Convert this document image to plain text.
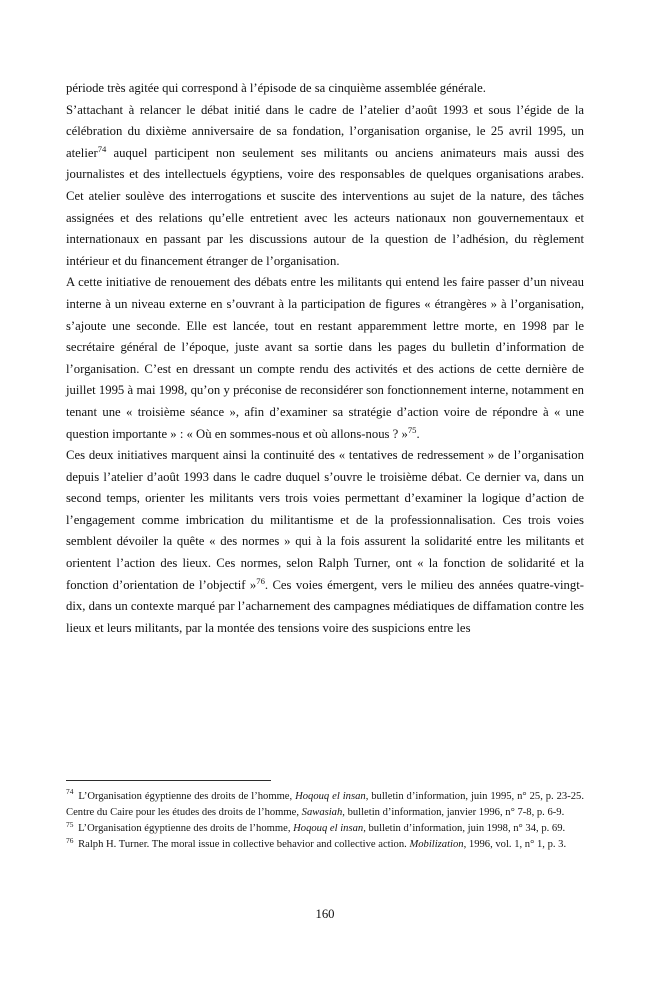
période très agitée qui correspond à l’épisode de sa cinquième assemblée générale.

S’attachant à relancer le débat initié dans le cadre de l’atelier d’août 1993 et sous l’égide de la célébration du dixième anniversaire de sa fondation, l’organisation organise, le 25 avril 1995, un atelier$^{74}$ auquel participent non seulement ses militants ou anciens animateurs mais aussi des journalistes et des intellectuels égyptiens, voire des responsables de quelques organisations arabes. Cet atelier soulève des interrogations et suscite des interventions au sujet de la nature, des tâches assignées et des relations qu’elle entretient avec les acteurs nationaux non gouvernementaux et internationaux en passant par les discussions autour de la question de l’adhésion, du règlement intérieur et du financement étranger de l’organisation.

A cette initiative de renouement des débats entre les militants qui entend les faire passer d’un niveau interne à un niveau externe en s’ouvrant à la participation de figures « étrangères » à l’organisation, s’ajoute une seconde. Elle est lancée, tout en restant apparemment lettre morte, en 1998 par le secrétaire général de l’époque, juste avant sa sortie dans les pages du bulletin d’information de l’organisation. C’est en dressant un compte rendu des activités et des actions de cette dernière de juillet 1995 à mai 1998, qu’on y préconise de reconsidérer son fonctionnement interne, notamment en tenant une « troisième séance », afin d’examiner sa stratégie d’action voire de répondre à « une question importante » : « Où en sommes-nous et où allons-nous ? »$^{75}$.

Ces deux initiatives marquent ainsi la continuité des « tentatives de redressement » de l’organisation depuis l’atelier d’août 1993 dans le cadre duquel s’ouvre le troisième débat. Ce dernier va, dans un second temps, orienter les militants vers trois voies permettant d’examiner la logique d’action de l’engagement comme imbrication du militantisme et de la professionnalisation. Ces trois voies semblent dévoiler la quête « des normes » qui à la fois assurent la solidarité entre les militants et orientent l’action des lieux. Ces normes, selon Ralph Turner, ont « la fonction de solidarité et la fonction d’orientation de l’objectif »$^{76}$. Ces voies émergent, vers le milieu des années quatre-vingt-dix, dans un contexte marqué par l’acharnement des campagnes médiatiques de diffamation contre les lieux et leurs militants, par la montée des tensions voire des suspicions entre les

$^{74}$ L’Organisation égyptienne des droits de l’homme, Hoqouq el insan, bulletin d’information, juin 1995, n° 25, p. 23-25. Centre du Caire pour les études des droits de l’homme, Sawasiah, bulletin d’information, janvier 1996, n° 7-8, p. 6-9.

$^{75}$ L’Organisation égyptienne des droits de l’homme, Hoqouq el insan, bulletin d’information, juin 1998, n° 34, p. 69.

$^{76}$ Ralph H. Turner. The moral issue in collective behavior and collective action. Mobilization, 1996, vol. 1, n° 1, p. 3.

160
